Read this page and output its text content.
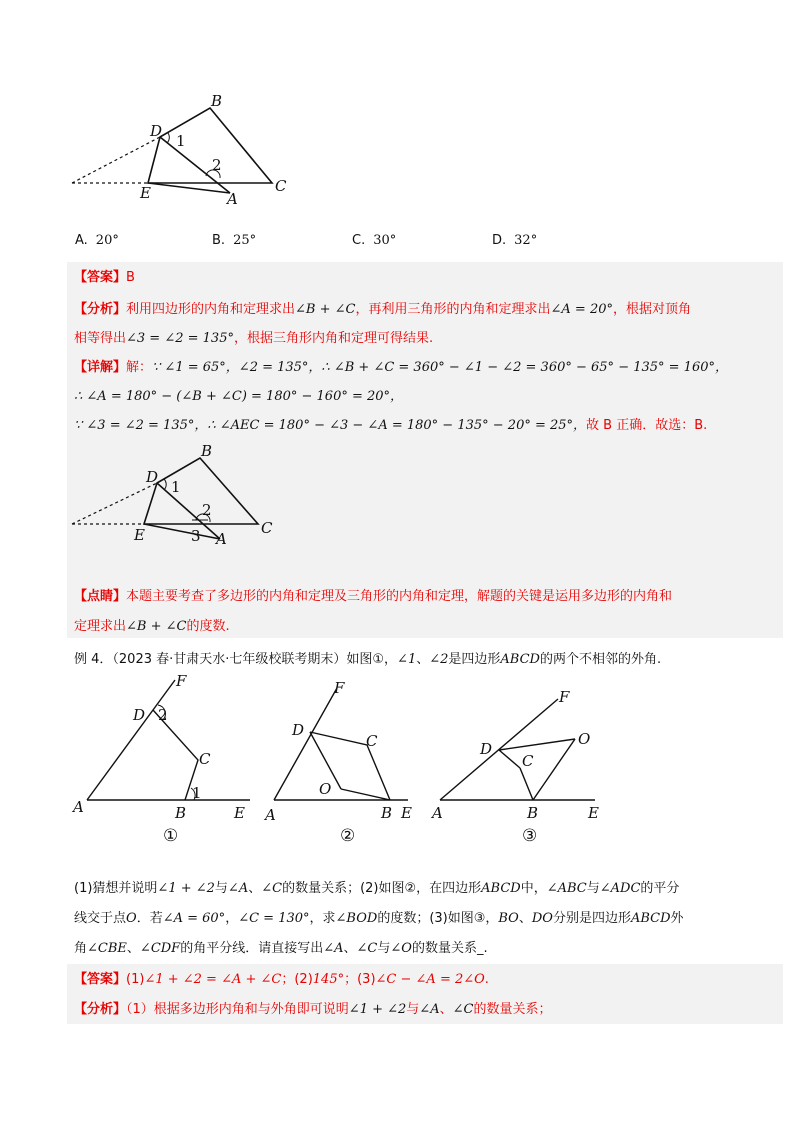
B
D
1
2
E	A
C
A. 20°	B. 25°	C. 30°	D. 32°
【答案】B
【分析】利用四边形的内角和定理求出∠B + ∠C，再利用三角形的内角和定理求出∠A = 20°，根据对顶角
相等得出∠3 = ∠2 = 135°，根据三角形内角和定理可得结果.
【详解】解：∵ ∠1 = 65°，∠2 = 135°，∴ ∠B + ∠C = 360° − ∠1 − ∠2 = 360° − 65° − 135° = 160°，
∴ ∠A = 180° − (∠B + ∠C) = 180° − 160° = 20°，
∵ ∠3 = ∠2 = 135°，∴ ∠AEC = 180° − ∠3 − ∠A = 180° − 135° − 20° = 25°，故 B 正确．故选：B.
B
D
1
2
3
E	A
C
【点睛】本题主要考查了多边形的内角和定理及三角形的内角和定理，解题的关键是运用多边形的内角和
定理求出∠B + ∠C的度数.
例 4．（2023 春·甘肃天水·七年级校联考期末）如图①，∠1、∠2是四边形ABCD的两个不相邻的外角.
F
D 2
C
A	B
1
E
①
F
D
C
O
A	B E
②
F
D
O
C
A	B	E
③
(1)猜想并说明∠1 + ∠2与∠A、∠C的数量关系；(2)如图②，在四边形ABCD中，∠ABC与∠ADC的平分
线交于点O．若∠A = 60°，∠C = 130°，求∠BOD的度数；(3)如图③，BO、DO分别是四边形ABCD外
角∠CBE、∠CDF的角平分线．请直接写出∠A、∠C与∠O的数量关系_.
【答案】(1)∠1 + ∠2 = ∠A + ∠C；(2)145°；(3)∠C − ∠A = 2∠O.
【分析】（1）根据多边形内角和与外角即可说明∠1 + ∠2与∠A、∠C的数量关系；
